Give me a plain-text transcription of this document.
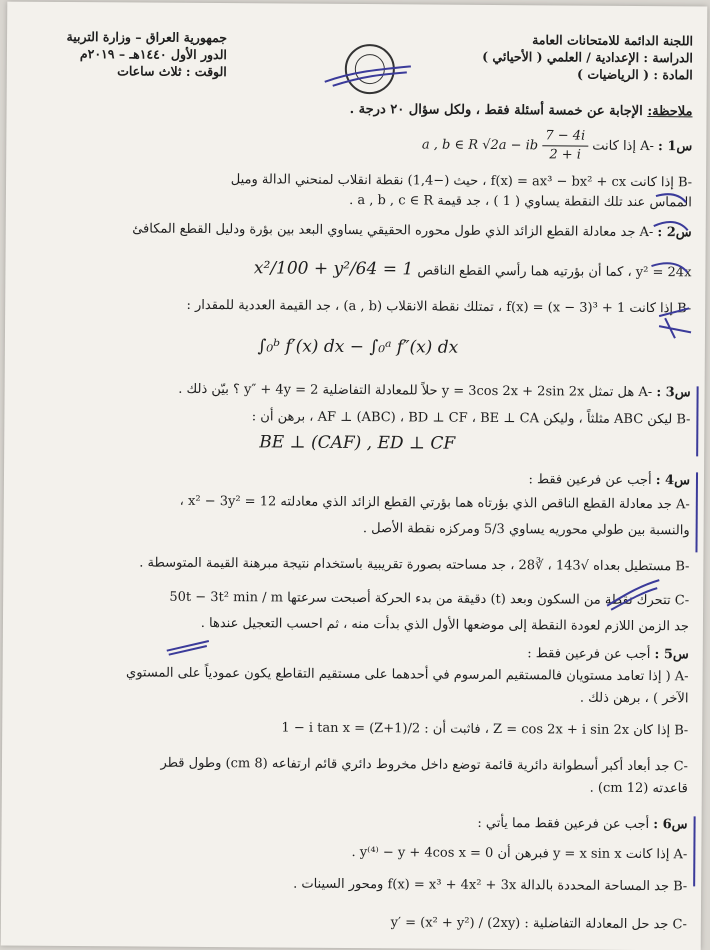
جمهورية العراق – وزارة التربية
الدور الأول ١٤٤٠هـ – ٢٠١٩م
الوقت : ثلاث ساعات
اللجنة الدائمة للامتحانات العامة
الدراسة : الإعدادية / العلمي ( الأحيائي )
المادة : ( الرياضيات )
ملاحظة: الإجابة عن خمسة أسئلة فقط ، ولكل سؤال ٢٠ درجة .
س1 : -A إذا كانت
$\frac{7 - 4i}{2 + i}$
a , b ∈ R √2a − ib
-B إذا كانت f(x) = ax³ − bx² + cx ، حيث (−1,4) نقطة انقلاب لمنحني الدالة وميل
المماس عند تلك النقطة يساوي ( 1 ) ، جد قيمة a , b , c ∈ R .
س2 : -A جد معادلة القطع الزائد الذي طول محوره الحقيقي يساوي البعد بين بؤرة ودليل القطع المكافئ
y² = 24x ، كما أن بؤرتيه هما رأسي القطع الناقص x²/100 + y²/64 = 1
-B إذا كانت f(x) = (x − 3)³ + 1 ، تمتلك نقطة الانقلاب (a , b) ، جد القيمة العددية للمقدار :
∫₀ᵇ f′(x) dx − ∫₀ᵃ f″(x) dx
س3 : -A هل تمثل y = 3cos 2x + 2sin 2x حلاً للمعادلة التفاضلية y″ + 4y = 2 ؟ بيّن ذلك .
-B ليكن ABC مثلثاً ، وليكن AF ⊥ (ABC) ، BD ⊥ CF ، BE ⊥ CA ، برهن أن :
BE ⊥ (CAF) , ED ⊥ CF
س4 : أجب عن فرعين فقط :
-A جد معادلة القطع الناقص الذي بؤرتاه هما بؤرتي القطع الزائد الذي معادلته x² − 3y² = 12 ،
والنسبة بين طولي محوريه يساوي 5/3 ومركزه نقطة الأصل .
-B مستطيل بعداه √143 ، ∛28 ، جد مساحته بصورة تقريبية باستخدام نتيجة مبرهنة القيمة المتوسطة .
-C تتحرك نقطة من السكون وبعد (t) دقيقة من بدء الحركة أصبحت سرعتها 50t − 3t² min / m
جد الزمن اللازم لعودة النقطة إلى موضعها الأول الذي بدأت منه ، ثم احسب التعجيل عندها .
س5 : أجب عن فرعين فقط :
-A ( إذا تعامد مستويان فالمستقيم المرسوم في أحدهما على مستقيم التقاطع يكون عمودياً على المستوي
الآخر ) ، برهن ذلك .
-B إذا كان Z = cos 2x + i sin 2x ، فاثبت أن : 2/(1+Z) = 1 − i tan x
-C جد أبعاد أكبر أسطوانة دائرية قائمة توضع داخل مخروط دائري قائم ارتفاعه (8 cm) وطول قطر
قاعدته (12 cm) .
س6 : أجب عن فرعين فقط مما يأتي :
-A إذا كانت y = x sin x فبرهن أن y⁽⁴⁾ − y + 4cos x = 0 .
-B جد المساحة المحددة بالدالة f(x) = x³ + 4x² + 3x ومحور السينات .
-C جد حل المعادلة التفاضلية : y′ = (x² + y²) / (2xy)
